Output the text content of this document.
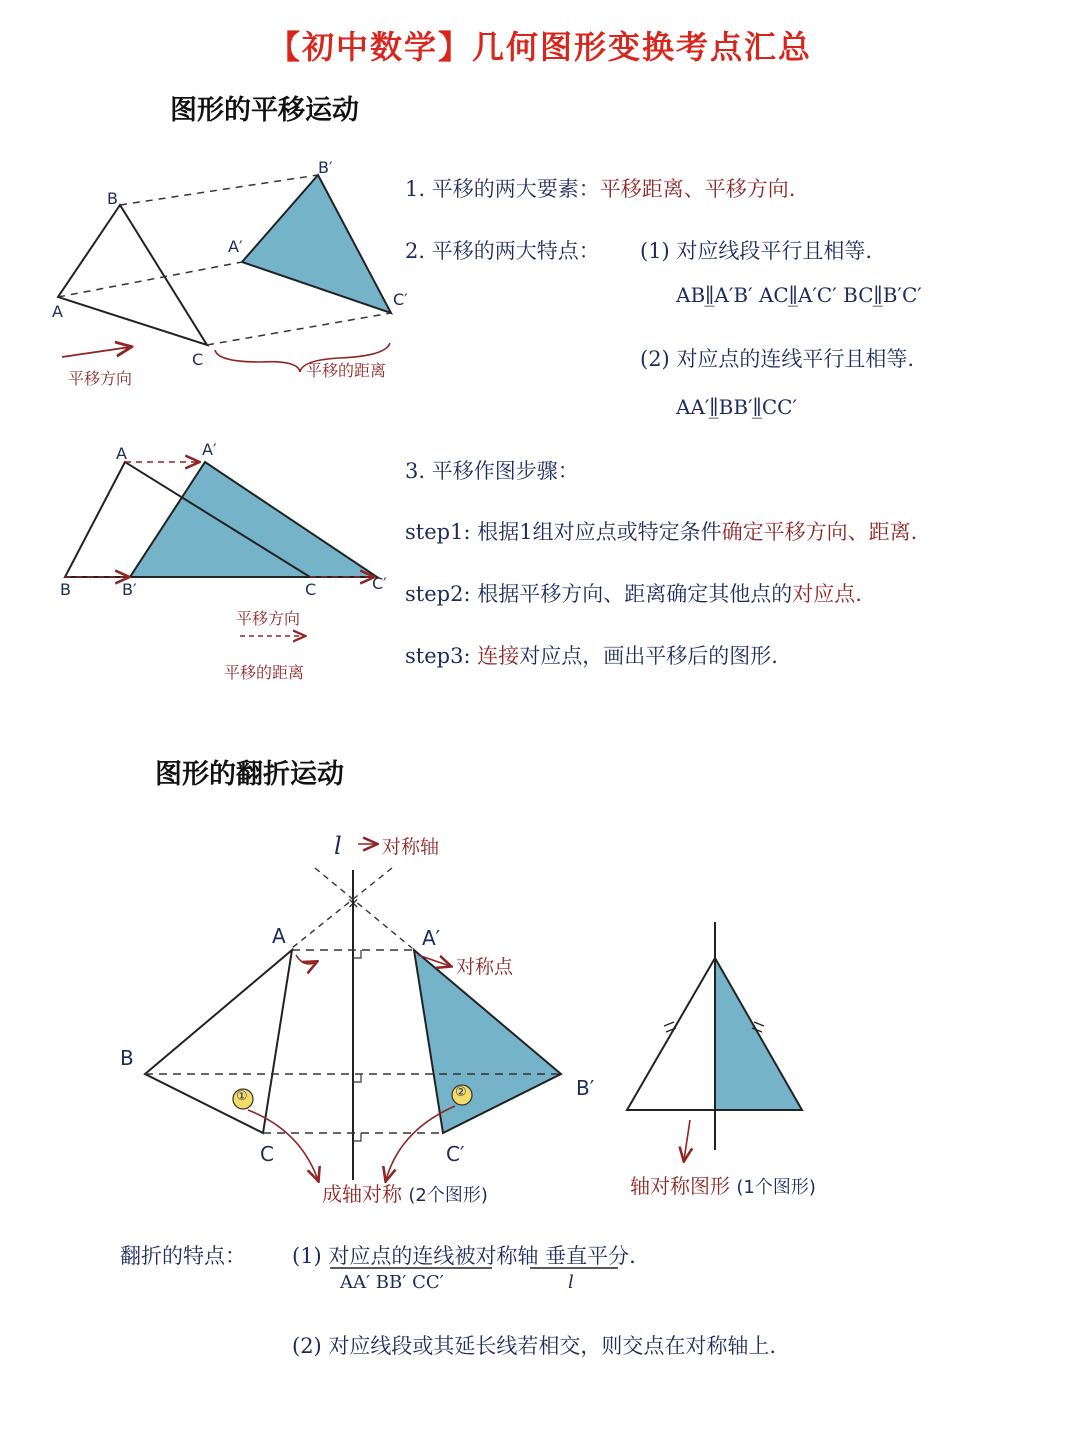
【初中数学】几何图形变换考点汇总
图形的平移运动
×
B
A
C
B′
A′
C′
平移方向	平移的距离
1. 平移的两大要素：平移距离、平移方向.
2. 平移的两大特点： (1) 对应线段平行且相等.
AB∥̲A′B′ AC∥̲A′C′ BC∥̲B′C′
(2) 对应点的连线平行且相等.
AA′∥̲BB′∥̲CC′
A	A′
B	B′	C	C′
平移方向
平移的距离
3. 平移作图步骤：
step1: 根据1组对应点或特定条件确定平移方向、距离.
step2: 根据平移方向、距离确定其他点的对应点.
step3: 连接对应点，画出平移后的图形.
图形的翻折运动
l 对称轴
A	A′
对称点
B
B′
C	C′
①	②
成轴对称 (2个图形)	轴对称图形 (1个图形)
翻折的特点： (1) 对应点的连线被对称轴 垂直平分.
AA′ BB′ CC′	l
(2) 对应线段或其延长线若相交，则交点在对称轴上.
